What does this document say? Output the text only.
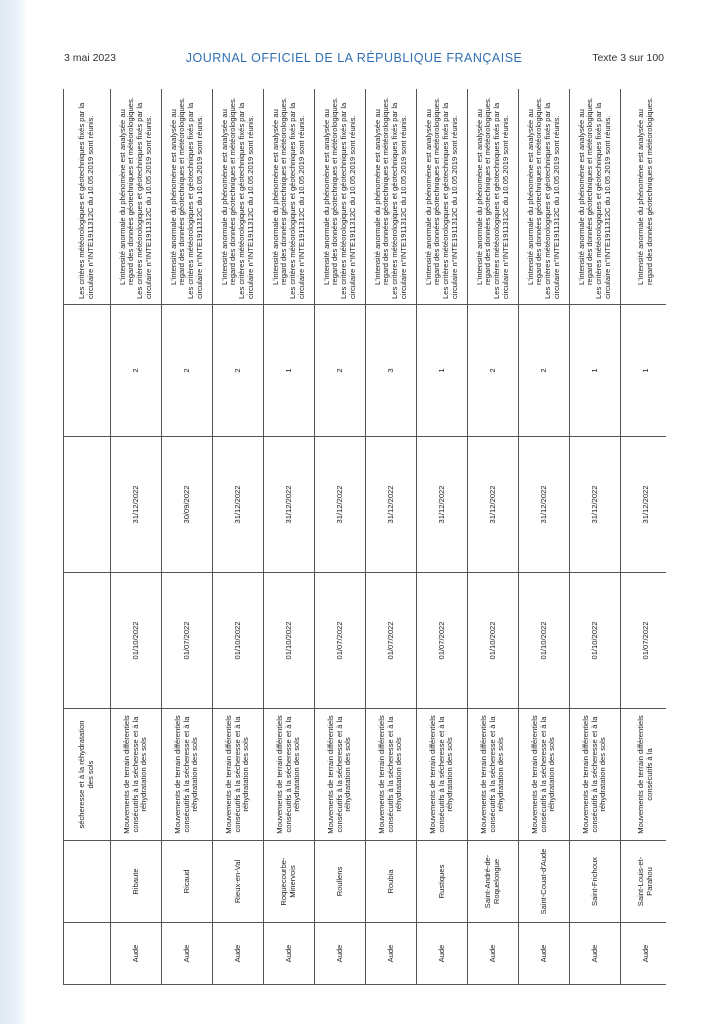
3 mai 2023	JOURNAL OFFICIEL DE LA RÉPUBLIQUE FRANÇAISE	Texte 3 sur 100
		sécheresse et à la réhydratation des sols				Les critères météorologiques et géotechniques fixés par la circulaire n°INTE1911312C du 10.05.2019 sont réunis.

Aude	Ribaute	Mouvements de terrain différentiels consécutifs à la sécheresse et à la réhydratation des sols	01/10/2022	31/12/2022	2	L'intensité anormale du phénomène est analysée au regard des données géotechniques et météorologiques. Les critères météorologiques et géotechniques fixés par la circulaire n°INTE1911312C du 10.05.2019 sont réunis.

Aude	Ricaud	Mouvements de terrain différentiels consécutifs à la sécheresse et à la réhydratation des sols	01/07/2022	30/09/2022	2	L'intensité anormale du phénomène est analysée au regard des données géotechniques et météorologiques. Les critères météorologiques et géotechniques fixés par la circulaire n°INTE1911312C du 10.05.2019 sont réunis.

Aude	Rieux-en-Val	Mouvements de terrain différentiels consécutifs à la sécheresse et à la réhydratation des sols	01/10/2022	31/12/2022	2	L'intensité anormale du phénomène est analysée au regard des données géotechniques et météorologiques. Les critères météorologiques et géotechniques fixés par la circulaire n°INTE1911312C du 10.05.2019 sont réunis.

Aude	Roquecourbe-Minervois	Mouvements de terrain différentiels consécutifs à la sécheresse et à la réhydratation des sols	01/10/2022	31/12/2022	1	L'intensité anormale du phénomène est analysée au regard des données géotechniques et météorologiques. Les critères météorologiques et géotechniques fixés par la circulaire n°INTE1911312C du 10.05.2019 sont réunis.

Aude	Roullens	Mouvements de terrain différentiels consécutifs à la sécheresse et à la réhydratation des sols	01/07/2022	31/12/2022	2	L'intensité anormale du phénomène est analysée au regard des données géotechniques et météorologiques. Les critères météorologiques et géotechniques fixés par la circulaire n°INTE1911312C du 10.05.2019 sont réunis.

Aude	Roubia	Mouvements de terrain différentiels consécutifs à la sécheresse et à la réhydratation des sols	01/07/2022	31/12/2022	3	L'intensité anormale du phénomène est analysée au regard des données géotechniques et météorologiques. Les critères météorologiques et géotechniques fixés par la circulaire n°INTE1911312C du 10.05.2019 sont réunis.

Aude	Rustiques	Mouvements de terrain différentiels consécutifs à la sécheresse et à la réhydratation des sols	01/07/2022	31/12/2022	1	L'intensité anormale du phénomène est analysée au regard des données géotechniques et météorologiques. Les critères météorologiques et géotechniques fixés par la circulaire n°INTE1911312C du 10.05.2019 sont réunis.

Aude	Saint-André-de-Roquelongue	Mouvements de terrain différentiels consécutifs à la sécheresse et à la réhydratation des sols	01/10/2022	31/12/2022	2	L'intensité anormale du phénomène est analysée au regard des données géotechniques et météorologiques. Les critères météorologiques et géotechniques fixés par la circulaire n°INTE1911312C du 10.05.2019 sont réunis.

Aude	Saint-Couat-d'Aude	Mouvements de terrain différentiels consécutifs à la sécheresse et à la réhydratation des sols	01/10/2022	31/12/2022	2	L'intensité anormale du phénomène est analysée au regard des données géotechniques et météorologiques. Les critères météorologiques et géotechniques fixés par la circulaire n°INTE1911312C du 10.05.2019 sont réunis.

Aude	Saint-Frichoux	Mouvements de terrain différentiels consécutifs à la sécheresse et à la réhydratation des sols	01/10/2022	31/12/2022	1	L'intensité anormale du phénomène est analysée au regard des données géotechniques et météorologiques. Les critères météorologiques et géotechniques fixés par la circulaire n°INTE1911312C du 10.05.2019 sont réunis.

Aude	Saint-Louis-et-Parahou	Mouvements de terrain différentiels consécutifs à la	01/07/2022	31/12/2022	1	L'intensité anormale du phénomène est analysée au regard des données géotechniques et météorologiques.
